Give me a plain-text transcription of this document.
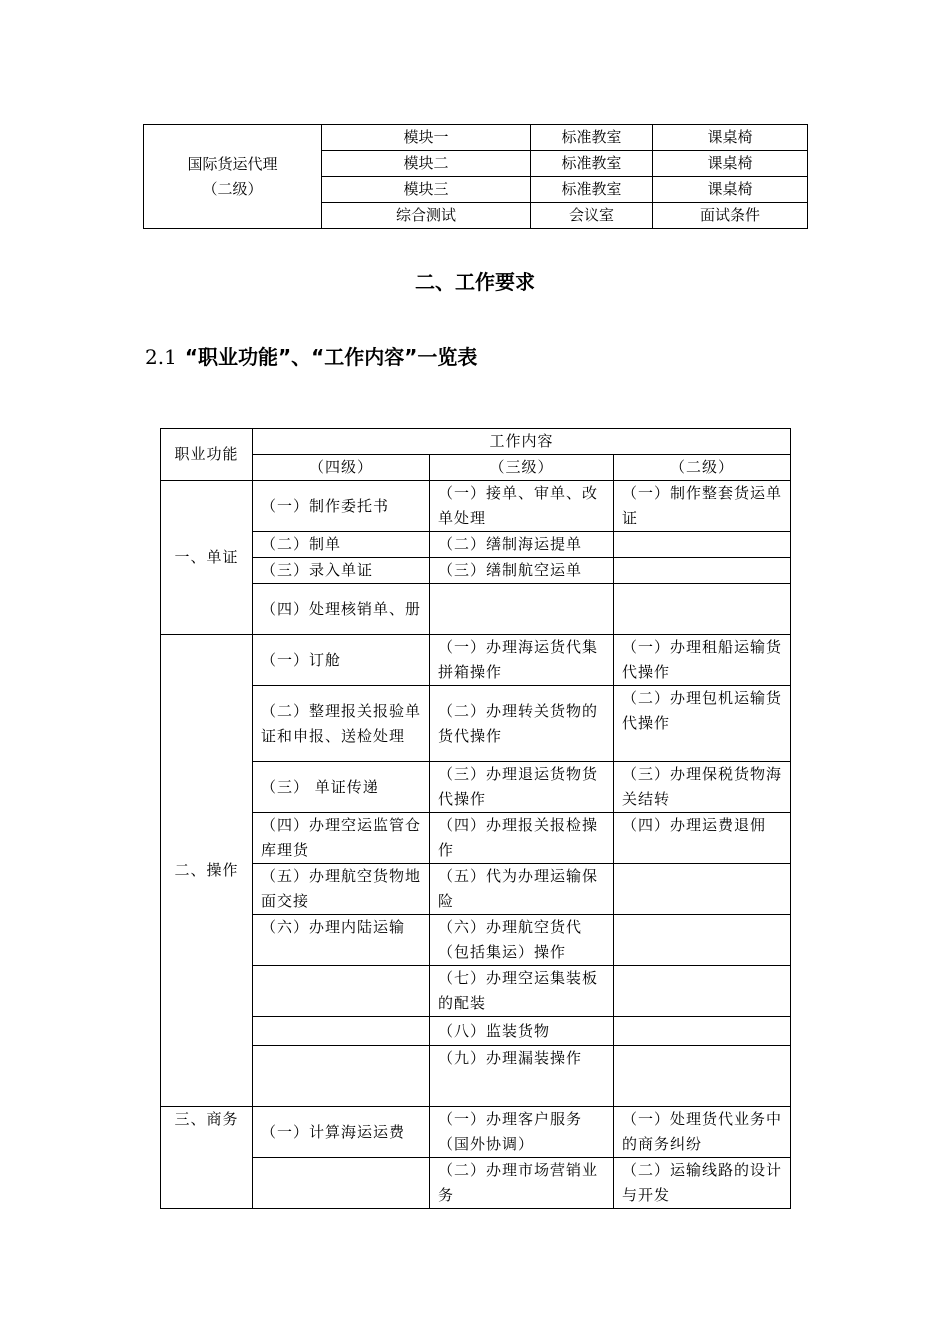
国际货运代理
（二级）	模块一	标准教室	课桌椅
	模块二	标准教室	课桌椅
	模块三	标准教室	课桌椅
	综合测试	会议室	面试条件
二、工作要求
2.1 “职业功能”、“工作内容”一览表
职业功能	工作内容		
	（四级）	（三级）	（二级）
一、单证	（一）制作委托书	（一）接单、审单、改单处理	（一）制作整套货运单证
	（二）制单	（二）缮制海运提单	
	（三）录入单证	（三）缮制航空运单	
	（四）处理核销单、册		
二、操作	（一）订舱	（一）办理海运货代集拼箱操作	（一）办理租船运输货代操作
	（二）整理报关报验单证和申报、送检处理	（二）办理转关货物的货代操作	（二）办理包机运输货代操作
	（三） 单证传递	（三）办理退运货物货代操作	（三）办理保税货物海关结转
	（四）办理空运监管仓库理货	（四）办理报关报检操作	（四）办理运费退佣
	（五）办理航空货物地面交接	（五）代为办理运输保险	
	（六）办理内陆运输	（六）办理航空货代（包括集运）操作	
		（七）办理空运集装板的配装	
		（八）监装货物	
		（九）办理漏装操作	
三、商务	（一）计算海运运费	（一）办理客户服务（国外协调）	（一）处理货代业务中的商务纠纷
		（二）办理市场营销业务	（二）运输线路的设计与开发
